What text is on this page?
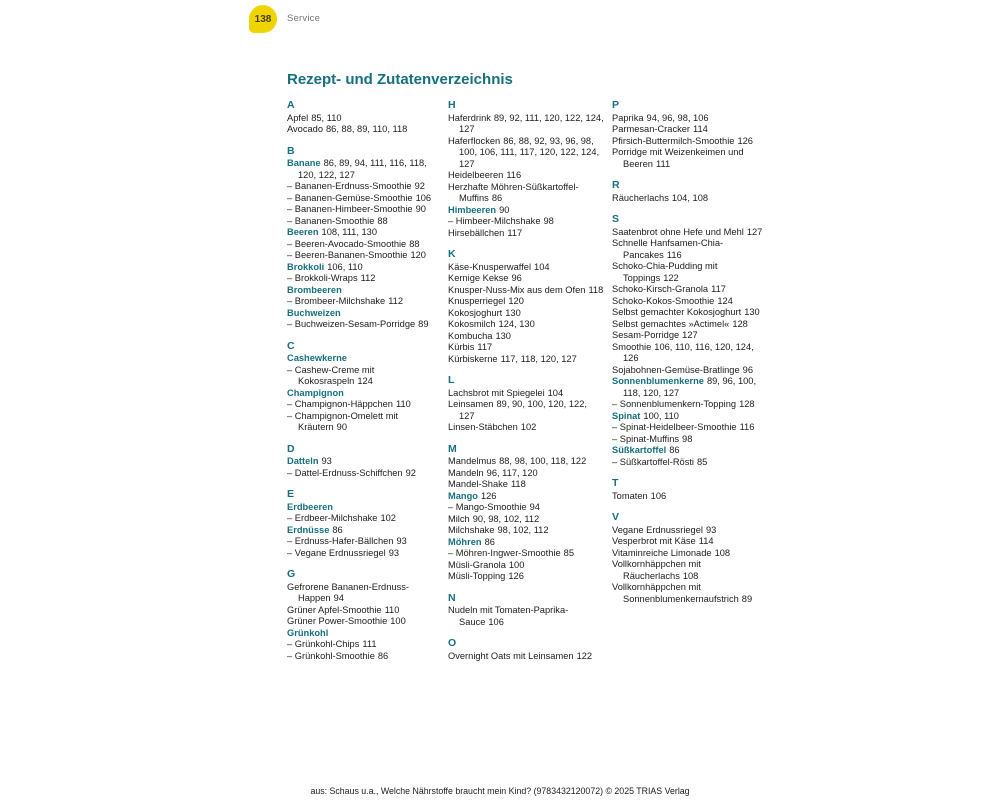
138	Service
Rezept- und Zutatenverzeichnis
A

Apfel 85, 110

Avocado 86, 88, 89, 110, 118

B

Banane 86, 89, 94, 111, 116, 118, 120, 122, 127

– Bananen-Erdnuss-Smoothie 92

– Bananen-Gemüse-Smoothie 106

– Bananen-Himbeer-Smoothie 90

– Bananen-Smoothie 88

Beeren 108, 111, 130

– Beeren-Avocado-Smoothie 88

– Beeren-Bananen-Smoothie 120

Brokkoli 106, 110

– Brokkoli-Wraps 112

Brombeeren

– Brombeer-Milchshake 112

Buchweizen

– Buchweizen-Sesam-Porridge 89

C

Cashewkerne

– Cashew-Creme mit Kokosraspeln 124

Champignon

– Champignon-Häppchen 110

– Champignon-Omelett mit Kräutern 90

D

Datteln 93

– Dattel-Erdnuss-Schiffchen 92

E

Erdbeeren

– Erdbeer-Milchshake 102

Erdnüsse 86

– Erdnuss-Hafer-Bällchen 93

– Vegane Erdnussriegel 93

G

Gefrorene Bananen-Erdnuss-Happen 94

Grüner Apfel-Smoothie 110

Grüner Power-Smoothie 100

Grünkohl

– Grünkohl-Chips 111

– Grünkohl-Smoothie 86

H

Haferdrink 89, 92, 111, 120, 122, 124, 127

Haferflocken 86, 88, 92, 93, 96, 98, 100, 106, 111, 117, 120, 122, 124, 127

Heidelbeeren 116

Herzhafte Möhren-Süßkartoffel-Muffins 86

Himbeeren 90

– Himbeer-Milchshake 98

Hirsebällchen 117

K

Käse-Knusperwaffel 104

Kernige Kekse 96

Knusper-Nuss-Mix aus dem Ofen 118

Knusperriegel 120

Kokosjoghurt 130

Kokosmilch 124, 130

Kombucha 130

Kürbis 117

Kürbiskerne 117, 118, 120, 127

L

Lachsbrot mit Spiegelei 104

Leinsamen 89, 90, 100, 120, 122, 127

Linsen-Stäbchen 102

M

Mandelmus 88, 98, 100, 118, 122

Mandeln 96, 117, 120

Mandel-Shake 118

Mango 126

– Mango-Smoothie 94

Milch 90, 98, 102, 112

Milchshake 98, 102, 112

Möhren 86

– Möhren-Ingwer-Smoothie 85

Müsli-Granola 100

Müsli-Topping 126

N

Nudeln mit Tomaten-Paprika-Sauce 106

O

Overnight Oats mit Leinsamen 122

P

Paprika 94, 96, 98, 106

Parmesan-Cracker 114

Pfirsich-Buttermilch-Smoothie 126

Porridge mit Weizenkeimen und Beeren 111

R

Räucherlachs 104, 108

S

Saatenbrot ohne Hefe und Mehl 127

Schnelle Hanfsamen-Chia-Pancakes 116

Schoko-Chia-Pudding mit Toppings 122

Schoko-Kirsch-Granola 117

Schoko-Kokos-Smoothie 124

Selbst gemachter Kokosjoghurt 130

Selbst gemachtes »Actimel« 128

Sesam-Porridge 127

Smoothie 106, 110, 116, 120, 124, 126

Sojabohnen-Gemüse-Bratlinge 96

Sonnenblumenkerne 89, 96, 100, 118, 120, 127

– Sonnenblumenkern-Topping 128

Spinat 100, 110

– Spinat-Heidelbeer-Smoothie 116

– Spinat-Muffins 98

Süßkartoffel 86

– Süßkartoffel-Rösti 85

T

Tomaten 106

V

Vegane Erdnussriegel 93

Vesperbrot mit Käse 114

Vitaminreiche Limonade 108

Vollkornhäppchen mit Räucherlachs 108

Vollkornhäppchen mit Sonnenblumenkernaufstrich 89

aus: Schaus u.a., Welche Nährstoffe braucht mein Kind? (9783432120072) © 2025 TRIAS Verlag
